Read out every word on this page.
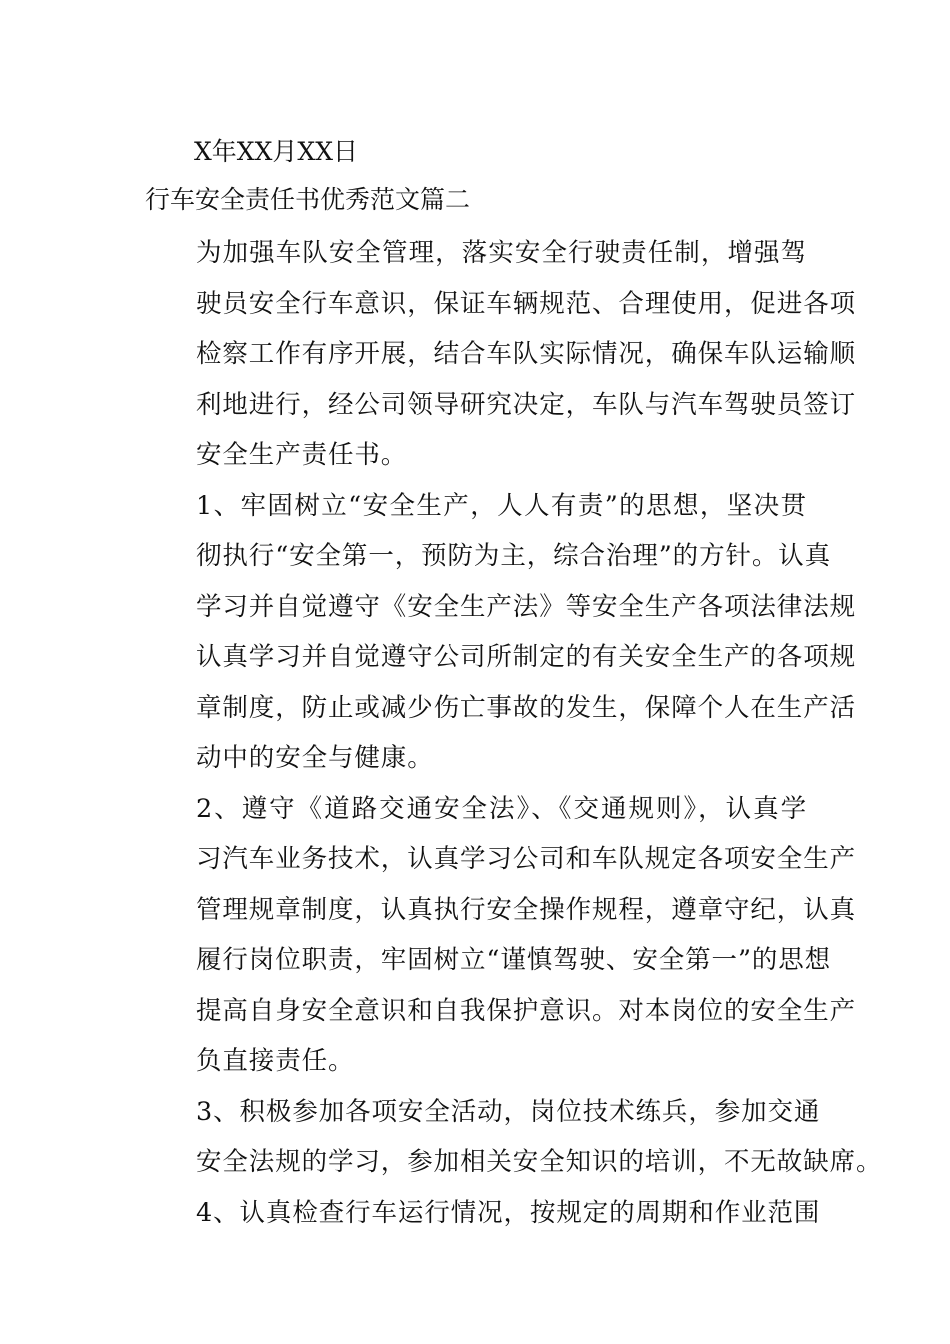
X年XX月XX日
行车安全责任书优秀范文篇二

为加强车队安全管理，落实安全行驶责任制，增强驾
驶员安全行车意识，保证车辆规范、合理使用，促进各项
检察工作有序开展，结合车队实际情况，确保车队运输顺
利地进行，经公司领导研究决定，车队与汽车驾驶员签订
安全生产责任书。

1、牢固树立“安全生产，人人有责”的思想，坚决贯
彻执行“安全第一，预防为主，综合治理”的方针。认真
学习并自觉遵守《安全生产法》等安全生产各项法律法规
认真学习并自觉遵守公司所制定的有关安全生产的各项规
章制度，防止或减少伤亡事故的发生，保障个人在生产活
动中的安全与健康。

2、遵守《道路交通安全法》、《交通规则》，认真学
习汽车业务技术，认真学习公司和车队规定各项安全生产
管理规章制度，认真执行安全操作规程，遵章守纪，认真
履行岗位职责，牢固树立“谨慎驾驶、安全第一”的思想
提高自身安全意识和自我保护意识。对本岗位的安全生产
负直接责任。

3、积极参加各项安全活动，岗位技术练兵，参加交通
安全法规的学习，参加相关安全知识的培训，不无故缺席。

4、认真检查行车运行情况，按规定的周期和作业范围
